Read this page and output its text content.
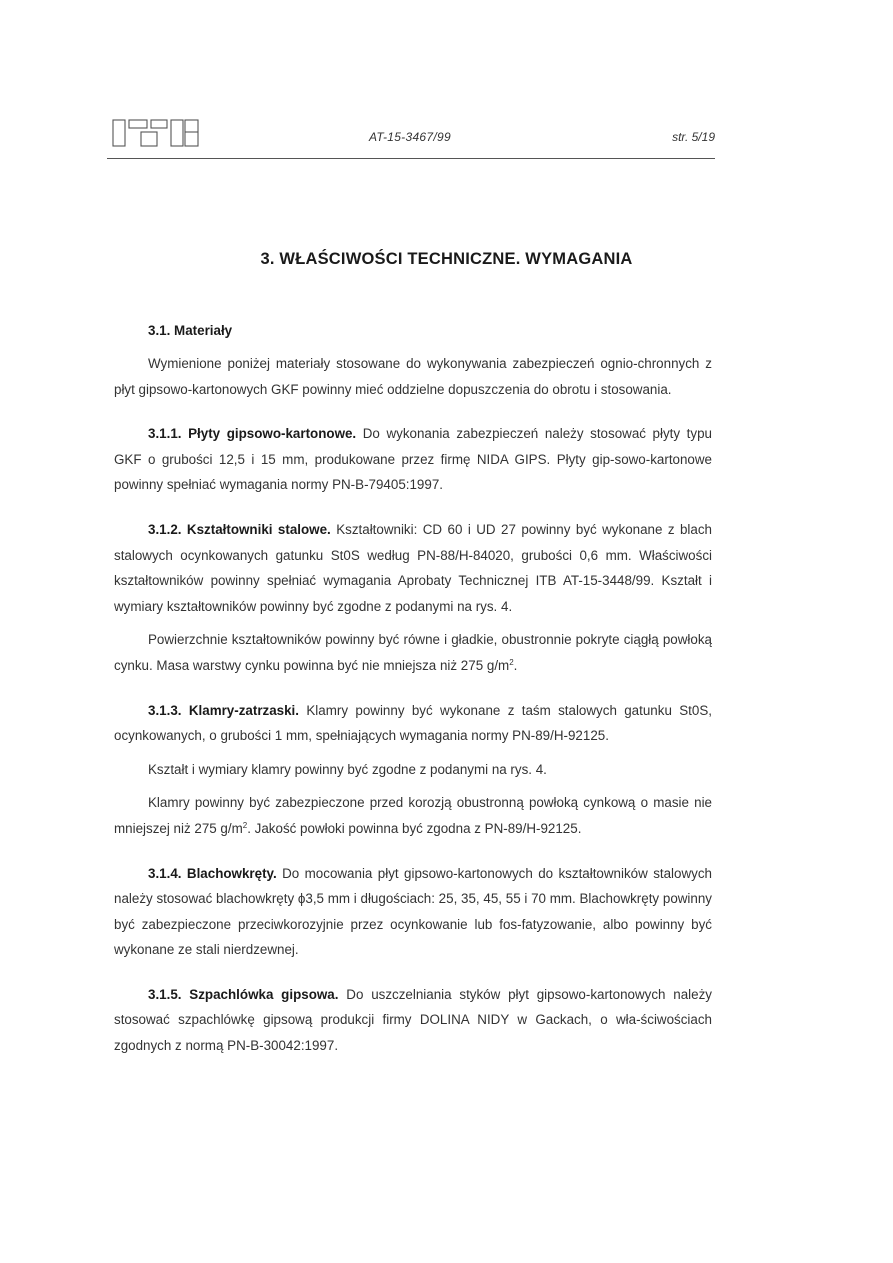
AT-15-3467/99	str. 5/19
3. WŁAŚCIWOŚCI TECHNICZNE. WYMAGANIA
3.1. Materiały

Wymienione poniżej materiały stosowane do wykonywania zabezpieczeń ognio-chronnych z płyt gipsowo-kartonowych GKF powinny mieć oddzielne dopuszczenia do obrotu i stosowania.

3.1.1. Płyty gipsowo-kartonowe. Do wykonania zabezpieczeń należy stosować płyty typu GKF o grubości 12,5 i 15 mm, produkowane przez firmę NIDA GIPS. Płyty gip-sowo-kartonowe powinny spełniać wymagania normy PN-B-79405:1997.

3.1.2. Kształtowniki stalowe. Kształtowniki: CD 60 i UD 27 powinny być wykonane z blach stalowych ocynkowanych gatunku St0S według PN-88/H-84020, grubości 0,6 mm. Właściwości kształtowników powinny spełniać wymagania Aprobaty Technicznej ITB AT-15-3448/99. Kształt i wymiary kształtowników powinny być zgodne z podanymi na rys. 4.

Powierzchnie kształtowników powinny być równe i gładkie, obustronnie pokryte ciągłą powłoką cynku. Masa warstwy cynku powinna być nie mniejsza niż 275 $g/m^2$.

3.1.3. Klamry-zatrzaski. Klamry powinny być wykonane z taśm stalowych gatunku St0S, ocynkowanych, o grubości 1 mm, spełniających wymagania normy PN-89/H-92125.

Kształt i wymiary klamry powinny być zgodne z podanymi na rys. 4.

Klamry powinny być zabezpieczone przed korozją obustronną powłoką cynkową o masie nie mniejszej niż 275 $g/m^2$. Jakość powłoki powinna być zgodna z PN-89/H-92125.

3.1.4. Blachowkręty. Do mocowania płyt gipsowo-kartonowych do kształtowników stalowych należy stosować blachowkręty ϕ3,5 mm i długościach: 25, 35, 45, 55 i 70 mm. Blachowkręty powinny być zabezpieczone przeciwkorozyjnie przez ocynkowanie lub fos-fatyzowanie, albo powinny być wykonane ze stali nierdzewnej.

3.1.5. Szpachlówka gipsowa. Do uszczelniania styków płyt gipsowo-kartonowych należy stosować szpachlówkę gipsową produkcji firmy DOLINA NIDY w Gackach, o wła-ściwościach zgodnych z normą PN-B-30042:1997.
